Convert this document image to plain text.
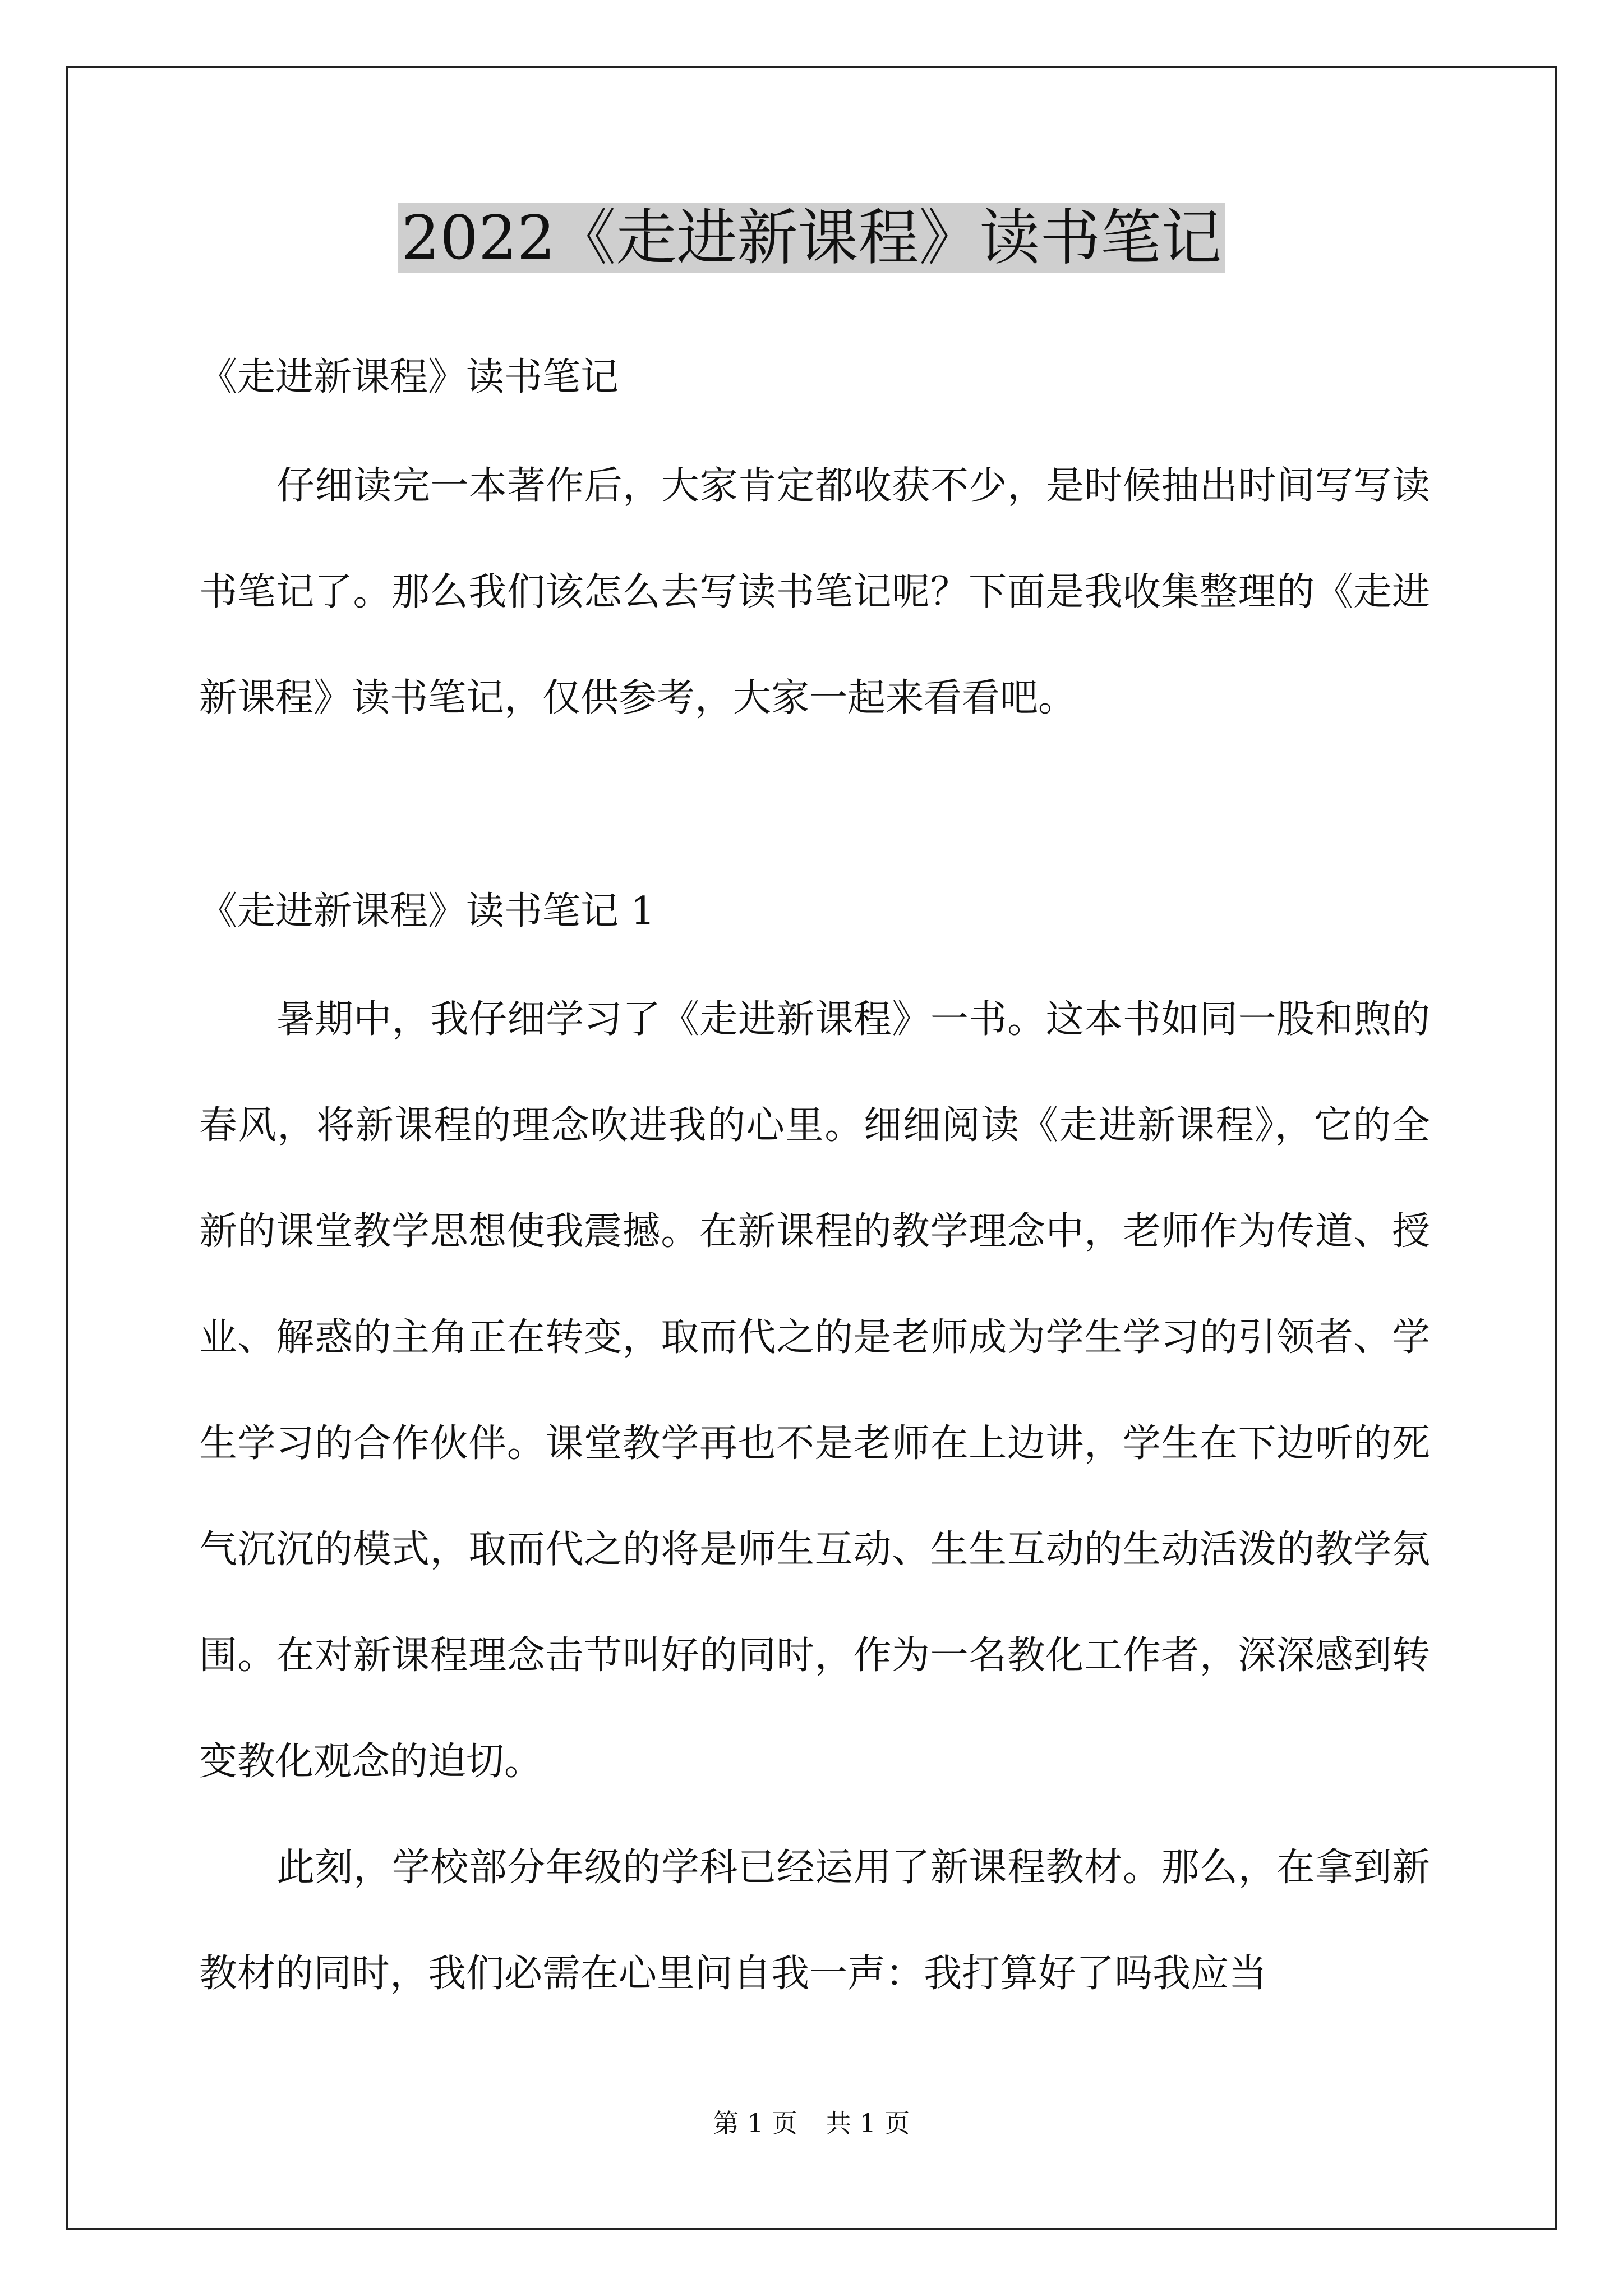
2022《走进新课程》读书笔记
《走进新课程》读书笔记

仔细读完一本著作后，大家肯定都收获不少，是时候抽出时间写写读书笔记了。那么我们该怎么去写读书笔记呢？下面是我收集整理的《走进新课程》读书笔记，仅供参考，大家一起来看看吧。

《走进新课程》读书笔记 1

暑期中，我仔细学习了《走进新课程》一书。这本书如同一股和煦的春风，将新课程的理念吹进我的心里。细细阅读《走进新课程》，它的全新的课堂教学思想使我震撼。在新课程的教学理念中，老师作为传道、授业、解惑的主角正在转变，取而代之的是老师成为学生学习的引领者、学生学习的合作伙伴。课堂教学再也不是老师在上边讲，学生在下边听的死气沉沉的模式，取而代之的将是师生互动、生生互动的生动活泼的教学氛围。在对新课程理念击节叫好的同时，作为一名教化工作者，深深感到转变教化观念的迫切。

此刻，学校部分年级的学科已经运用了新课程教材。那么，在拿到新教材的同时，我们必需在心里问自我一声：我打算好了吗我应当

第 1 页 共 1 页
